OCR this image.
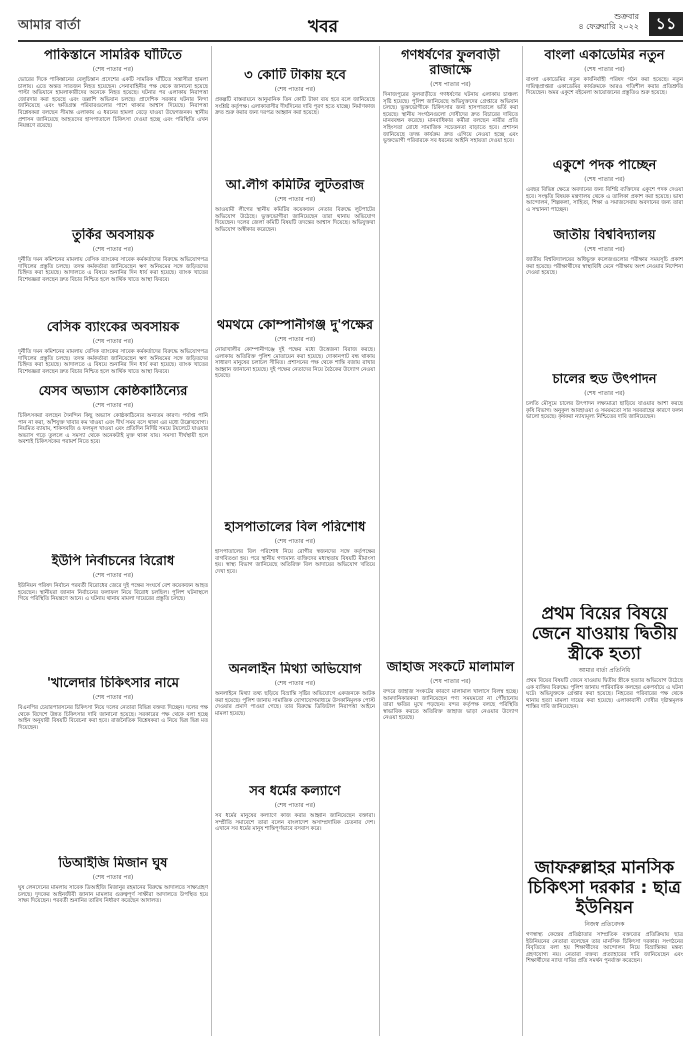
আমার বার্তা	খবর
শুক্রবার
৪ ফেব্রুয়ারি ২০২২	১১
পাকিস্তানে সামরিক ঘাঁটিতে
(শেষ পাতার পর)

ভোরের দিকে পাকিস্তানের বেলুচিস্তান প্রদেশের একটি সামরিক ঘাঁটিতে সন্ত্রাসীরা হামলা চালায়। এতে অন্তত সাতজন নিহত হয়েছেন। সেনাবাহিনীর পক্ষ থেকে জানানো হয়েছে পাল্টা অভিযানে হামলাকারীদের অনেকে নিহত হয়েছে। ঘটনার পর এলাকায় নিরাপত্তা জোরদার করা হয়েছে এবং তল্লাশি অভিযান চলছে। প্রাদেশিক সরকার ঘটনার নিন্দা জানিয়েছে এবং ক্ষতিগ্রস্ত পরিবারগুলোর পাশে থাকার আশ্বাস দিয়েছে। নিরাপত্তা বিশ্লেষকরা বলছেন সীমান্ত এলাকায় এ ধরনের হামলা বেড়ে যাওয়া উদ্বেগজনক। স্থানীয় প্রশাসন জানিয়েছে আহতদের হাসপাতালে চিকিৎসা দেওয়া হচ্ছে এবং পরিস্থিতি এখন নিয়ন্ত্রণে রয়েছে।

তুর্কির অবসায়ক
(শেষ পাতার পর)

দুর্নীতি দমন কমিশনের মামলায় বেসিক ব্যাংকের সাবেক কর্মকর্তাদের বিরুদ্ধে অভিযোগপত্র দাখিলের প্রস্তুতি চলছে। তদন্ত কর্মকর্তারা জানিয়েছেন ঋণ অনিয়মের সঙ্গে জড়িতদের চিহ্নিত করা হয়েছে। আদালতে এ বিষয়ে শুনানির দিন ধার্য করা হয়েছে। ব্যাংক খাতের বিশেষজ্ঞরা বলছেন দ্রুত বিচার নিশ্চিত হলে আর্থিক খাতে আস্থা ফিরবে।

বেসিক ব্যাংকের অবসায়ক
(শেষ পাতার পর)

দুর্নীতি দমন কমিশনের মামলায় বেসিক ব্যাংকের সাবেক কর্মকর্তাদের বিরুদ্ধে অভিযোগপত্র দাখিলের প্রস্তুতি চলছে। তদন্ত কর্মকর্তারা জানিয়েছেন ঋণ অনিয়মের সঙ্গে জড়িতদের চিহ্নিত করা হয়েছে। আদালতে এ বিষয়ে শুনানির দিন ধার্য করা হয়েছে। ব্যাংক খাতের বিশেষজ্ঞরা বলছেন দ্রুত বিচার নিশ্চিত হলে আর্থিক খাতে আস্থা ফিরবে।

যেসব অভ্যাস কোষ্ঠকাঠিন্যের
(শেষ পাতার পর)

চিকিৎসকরা বলছেন দৈনন্দিন কিছু অভ্যাস কোষ্ঠকাঠিন্যের অন্যতম কারণ। পর্যাপ্ত পানি পান না করা, আঁশযুক্ত খাবার কম খাওয়া এবং দীর্ঘ সময় বসে থাকা এর মধ্যে উল্লেখযোগ্য। নিয়মিত ব্যায়াম, শাকসবজি ও ফলমূল খাওয়া এবং প্রতিদিন নির্দিষ্ট সময়ে টয়লেটে যাওয়ার অভ্যাস গড়ে তুললে এ সমস্যা থেকে অনেকটাই মুক্ত থাকা যায়। সমস্যা দীর্ঘস্থায়ী হলে অবশ্যই চিকিৎসকের পরামর্শ নিতে হবে।

ইউপি নির্বাচনের বিরোধ
(শেষ পাতার পর)

ইউনিয়ন পরিষদ নির্বাচন পরবর্তী বিরোধের জেরে দুই পক্ষের সংঘর্ষে বেশ কয়েকজন আহত হয়েছেন। স্থানীয়রা জানান নির্বাচনের ফলাফল নিয়ে বিরোধ চলছিল। পুলিশ ঘটনাস্থলে গিয়ে পরিস্থিতি নিয়ন্ত্রণে আনে। এ ঘটনায় থানায় মামলা দায়েরের প্রস্তুতি চলছে।

'খালেদার চিকিৎসার নামে
(শেষ পাতার পর)

বিএনপির চেয়ারপারসনের চিকিৎসা নিয়ে দলের নেতারা বিভিন্ন বক্তব্য দিচ্ছেন। দলের পক্ষ থেকে বিদেশে উন্নত চিকিৎসার দাবি জানানো হয়েছে। সরকারের পক্ষ থেকে বলা হচ্ছে আইন অনুযায়ী বিষয়টি বিবেচনা করা হবে। রাজনৈতিক বিশ্লেষকরা এ নিয়ে ভিন্ন ভিন্ন মত দিয়েছেন।

ডিআইজি মিজান ঘুষ
(শেষ পাতার পর)

ঘুষ লেনদেনের মামলায় সাবেক ডিআইজি মিজানুর রহমানের বিরুদ্ধে আদালতে সাক্ষ্যগ্রহণ চলছে। দুদকের আইনজীবী জানান মামলার গুরুত্বপূর্ণ সাক্ষীরা আদালতে উপস্থিত হয়ে সাক্ষ্য দিয়েছেন। পরবর্তী শুনানির তারিখ নির্ধারণ করেছেন আদালত।

৩ কোটি টাকায় হবে
(শেষ পাতার পর)

প্রকল্পটি বাস্তবায়নে আনুমানিক তিন কোটি টাকা ব্যয় হবে বলে জানিয়েছে সংশ্লিষ্ট কর্তৃপক্ষ। এলাকাবাসীর দীর্ঘদিনের দাবি পূরণ হতে যাচ্ছে। নির্মাণকাজ দ্রুত শুরু করার জন্য দরপত্র আহ্বান করা হয়েছে।

আ.লীগ কমিটির লুটতরাজ
(শেষ পাতার পর)

আওয়ামী লীগের স্থানীয় কমিটির কয়েকজন নেতার বিরুদ্ধে লুটপাটের অভিযোগ উঠেছে। ভুক্তভোগীরা জানিয়েছেন তারা থানায় অভিযোগ দিয়েছেন। দলের জেলা কমিটি বিষয়টি তদন্তের আশ্বাস দিয়েছে। অভিযুক্তরা অভিযোগ অস্বীকার করেছেন।

থমথমে কোম্পানীগঞ্জ দু'পক্ষের
(শেষ পাতার পর)

নোয়াখালীর কোম্পানীগঞ্জে দুই পক্ষের মধ্যে উত্তেজনা বিরাজ করছে। এলাকায় অতিরিক্ত পুলিশ মোতায়েন করা হয়েছে। দোকানপাট বন্ধ থাকায় সাধারণ মানুষের চলাচল সীমিত। প্রশাসনের পক্ষ থেকে শান্তি বজায় রাখার আহ্বান জানানো হয়েছে। দুই পক্ষের নেতাদের নিয়ে বৈঠকের উদ্যোগ নেওয়া হয়েছে।

হাসপাতালের বিল পরিশোধ
(শেষ পাতার পর)

হাসপাতালের বিল পরিশোধ নিয়ে রোগীর স্বজনদের সঙ্গে কর্তৃপক্ষের বাগবিতণ্ডা হয়। পরে স্থানীয় গণ্যমান্য ব্যক্তিদের মধ্যস্থতায় বিষয়টি মীমাংসা হয়। স্বাস্থ্য বিভাগ জানিয়েছে অতিরিক্ত বিল আদায়ের অভিযোগ খতিয়ে দেখা হবে।

অনলাইন মিথ্যা অভিযোগ
(শেষ পাতার পর)

অনলাইনে মিথ্যা তথ্য ছড়িয়ে বিভ্রান্তি সৃষ্টির অভিযোগে একজনকে আটক করা হয়েছে। পুলিশ জানায় সামাজিক যোগাযোগমাধ্যমে উসকানিমূলক পোস্ট দেওয়ার প্রমাণ পাওয়া গেছে। তার বিরুদ্ধে ডিজিটাল নিরাপত্তা আইনে মামলা হয়েছে।

সব ধর্মের কল্যাণে
(শেষ পাতার পর)

সব ধর্মের মানুষের কল্যাণে কাজ করার আহ্বান জানিয়েছেন বক্তারা। সম্প্রীতি সমাবেশে তারা বলেন বাংলাদেশ অসাম্প্রদায়িক চেতনার দেশ। এখানে সব ধর্মের মানুষ শান্তিপূর্ণভাবে বসবাস করে।

গণধর্ষণের ফুলবাড়ী রাজাক্ষে
(শেষ পাতার পর)

দিনাজপুরের ফুলবাড়ীতে গণধর্ষণের ঘটনায় এলাকায় চাঞ্চল্য সৃষ্টি হয়েছে। পুলিশ জানিয়েছে অভিযুক্তদের গ্রেপ্তারে অভিযান চলছে। ভুক্তভোগীকে চিকিৎসার জন্য হাসপাতালে ভর্তি করা হয়েছে। স্থানীয় সংগঠনগুলো দোষীদের দ্রুত বিচারের দাবিতে মানববন্ধন করেছে। মানবাধিকার কর্মীরা বলছেন নারীর প্রতি সহিংসতা রোধে সামাজিক সচেতনতা বাড়াতে হবে। প্রশাসন জানিয়েছে তদন্ত কার্যক্রম দ্রুত এগিয়ে নেওয়া হচ্ছে এবং ভুক্তভোগী পরিবারকে সব ধরনের আইনি সহায়তা দেওয়া হবে।

জাহাজ সংকটে মালামাল
(শেষ পাতার পর)

বন্দরে জাহাজ সংকটের কারণে মালামাল খালাসে বিলম্ব হচ্ছে। আমদানিকারকরা জানিয়েছেন পণ্য সময়মতো না পৌঁছানোয় তারা ক্ষতির মুখে পড়ছেন। বন্দর কর্তৃপক্ষ বলছে পরিস্থিতি স্বাভাবিক করতে অতিরিক্ত জাহাজ ভাড়া নেওয়ার উদ্যোগ নেওয়া হয়েছে।

বাংলা একাডেমির নতুন
(শেষ পাতার পর)

বাংলা একাডেমির নতুন কার্যনির্বাহী পরিষদ গঠন করা হয়েছে। নতুন দায়িত্বপ্রাপ্তরা একাডেমির কার্যক্রমকে আরও গতিশীল করার প্রতিশ্রুতি দিয়েছেন। অমর একুশে বইমেলা আয়োজনের প্রস্তুতিও শুরু হয়েছে।

একুশে পদক পাচ্ছেন
(শেষ পাতার পর)

এবছর বিভিন্ন ক্ষেত্রে অবদানের জন্য বিশিষ্ট ব্যক্তিদের একুশে পদক দেওয়া হবে। সংস্কৃতি বিষয়ক মন্ত্রণালয় থেকে এ তালিকা প্রকাশ করা হয়েছে। ভাষা আন্দোলন, শিল্পকলা, সাহিত্য, শিক্ষা ও সমাজসেবায় অবদানের জন্য তারা এ সম্মাননা পাচ্ছেন।

জাতীয় বিশ্ববিদ্যালয়
(শেষ পাতার পর)

জাতীয় বিশ্ববিদ্যালয়ের অধিভুক্ত কলেজগুলোর পরীক্ষার সময়সূচি প্রকাশ করা হয়েছে। পরীক্ষার্থীদের স্বাস্থ্যবিধি মেনে পরীক্ষায় অংশ নেওয়ার নির্দেশনা দেওয়া হয়েছে।

চালের হুড উৎপাদন
(শেষ পাতার পর)

চলতি মৌসুমে চালের উৎপাদন লক্ষ্যমাত্রা ছাড়িয়ে যাওয়ার আশা করছে কৃষি বিভাগ। অনুকূল আবহাওয়া ও সময়মতো সার সরবরাহের কারণে ফলন ভালো হয়েছে। কৃষকরা ন্যায্যমূল্য নিশ্চিতের দাবি জানিয়েছেন।

প্রথম বিয়ের বিষয়ে জেনে যাওয়ায় দ্বিতীয় স্ত্রীকে হত্যা
আমার বার্তা প্রতিনিধি

প্রথম বিয়ের বিষয়টি জেনে যাওয়ায় দ্বিতীয় স্ত্রীকে হত্যার অভিযোগ উঠেছে এক ব্যক্তির বিরুদ্ধে। পুলিশ জানায় পারিবারিক কলহের একপর্যায়ে এ ঘটনা ঘটে। অভিযুক্তকে গ্রেপ্তার করা হয়েছে। নিহতের পরিবারের পক্ষ থেকে থানায় হত্যা মামলা দায়ের করা হয়েছে। এলাকাবাসী দোষীর দৃষ্টান্তমূলক শাস্তির দাবি জানিয়েছেন।

জাফরুল্লাহর মানসিক চিকিৎসা দরকার : ছাত্র ইউনিয়ন
নিজস্ব প্রতিবেদক

গণস্বাস্থ্য কেন্দ্রের প্রতিষ্ঠাতার সাম্প্রতিক বক্তব্যের প্রতিক্রিয়ায় ছাত্র ইউনিয়নের নেতারা বলেছেন তার মানসিক চিকিৎসা দরকার। সংগঠনের বিবৃতিতে বলা হয় শিক্ষার্থীদের আন্দোলন নিয়ে বিভ্রান্তিকর মন্তব্য গ্রহণযোগ্য নয়। নেতারা বক্তব্য প্রত্যাহারের দাবি জানিয়েছেন এবং শিক্ষার্থীদের ন্যায্য দাবির প্রতি সমর্থন পুনর্ব্যক্ত করেছেন।
